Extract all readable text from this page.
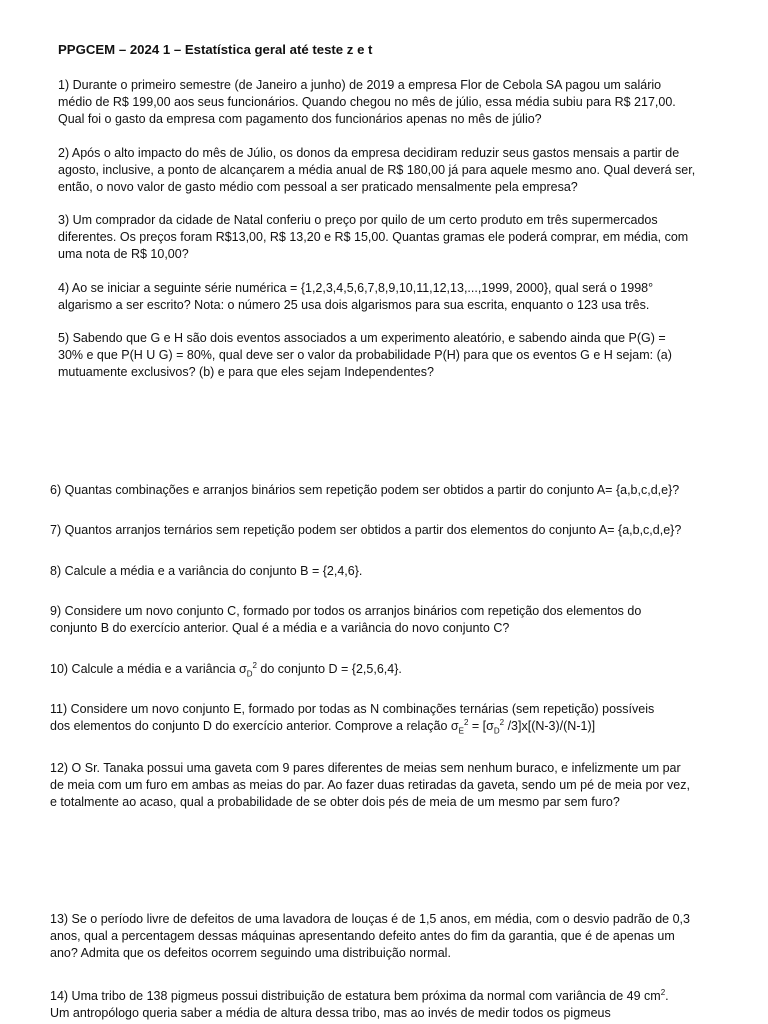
PPGCEM – 2024 1 – Estatística geral até teste z e t
1) Durante o primeiro semestre (de Janeiro a junho) de 2019 a empresa Flor de Cebola SA pagou um salário
médio de R$ 199,00 aos seus funcionários. Quando chegou no mês de júlio, essa média subiu para R$ 217,00.
Qual foi o gasto da empresa com pagamento dos funcionários apenas no mês de júlio?
2) Após o alto impacto do mês de Júlio, os donos da empresa decidiram reduzir seus gastos mensais a partir de
agosto, inclusive, a ponto de alcançarem a média anual de R$ 180,00 já para aquele mesmo ano. Qual deverá ser,
então, o novo valor de gasto médio com pessoal a ser praticado mensalmente pela empresa?
3) Um comprador da cidade de Natal conferiu o preço por quilo de um certo produto em três supermercados
diferentes. Os preços foram R$13,00, R$ 13,20 e R$ 15,00. Quantas gramas ele poderá comprar, em média, com
uma nota de R$ 10,00?
4) Ao se iniciar a seguinte série numérica = {1,2,3,4,5,6,7,8,9,10,11,12,13,...,1999, 2000}, qual será o 1998°
algarismo a ser escrito? Nota: o número 25 usa dois algarismos para sua escrita, enquanto o 123 usa três.
5) Sabendo que G e H são dois eventos associados a um experimento aleatório, e sabendo ainda que P(G) =
30% e que P(H U G) = 80%, qual deve ser o valor da probabilidade P(H) para que os eventos G e H sejam: (a)
mutuamente exclusivos? (b) e para que eles sejam Independentes?
6) Quantas combinações e arranjos binários sem repetição podem ser obtidos a partir do conjunto A= {a,b,c,d,e}?
7) Quantos arranjos ternários sem repetição podem ser obtidos a partir dos elementos do conjunto A= {a,b,c,d,e}?
8) Calcule a média e a variância do conjunto B = {2,4,6}.
9) Considere um novo conjunto C, formado por todos os arranjos binários com repetição dos elementos do
conjunto B do exercício anterior. Qual é a média e a variância do novo conjunto C?
10) Calcule a média e a variância $\sigma_D^2$ do conjunto D = {2,5,6,4}.
11) Considere um novo conjunto E, formado por todas as N combinações ternárias (sem repetição) possíveis
dos elementos do conjunto D do exercício anterior. Comprove a relação $\sigma_E^2 = [\sigma_D^2$ /3]x[(N-3)/(N-1)]
12) O Sr. Tanaka possui uma gaveta com 9 pares diferentes de meias sem nenhum buraco, e infelizmente um par
de meia com um furo em ambas as meias do par. Ao fazer duas retiradas da gaveta, sendo um pé de meia por vez,
e totalmente ao acaso, qual a probabilidade de se obter dois pés de meia de um mesmo par sem furo?
13) Se o período livre de defeitos de uma lavadora de louças é de 1,5 anos, em média, com o desvio padrão de 0,3
anos, qual a percentagem dessas máquinas apresentando defeito antes do fim da garantia, que é de apenas um
ano? Admita que os defeitos ocorrem seguindo uma distribuição normal.
14) Uma tribo de 138 pigmeus possui distribuição de estatura bem próxima da normal com variância de 49 $cm^2$.
Um antropólogo queria saber a média de altura dessa tribo, mas ao invés de medir todos os pigmeus
